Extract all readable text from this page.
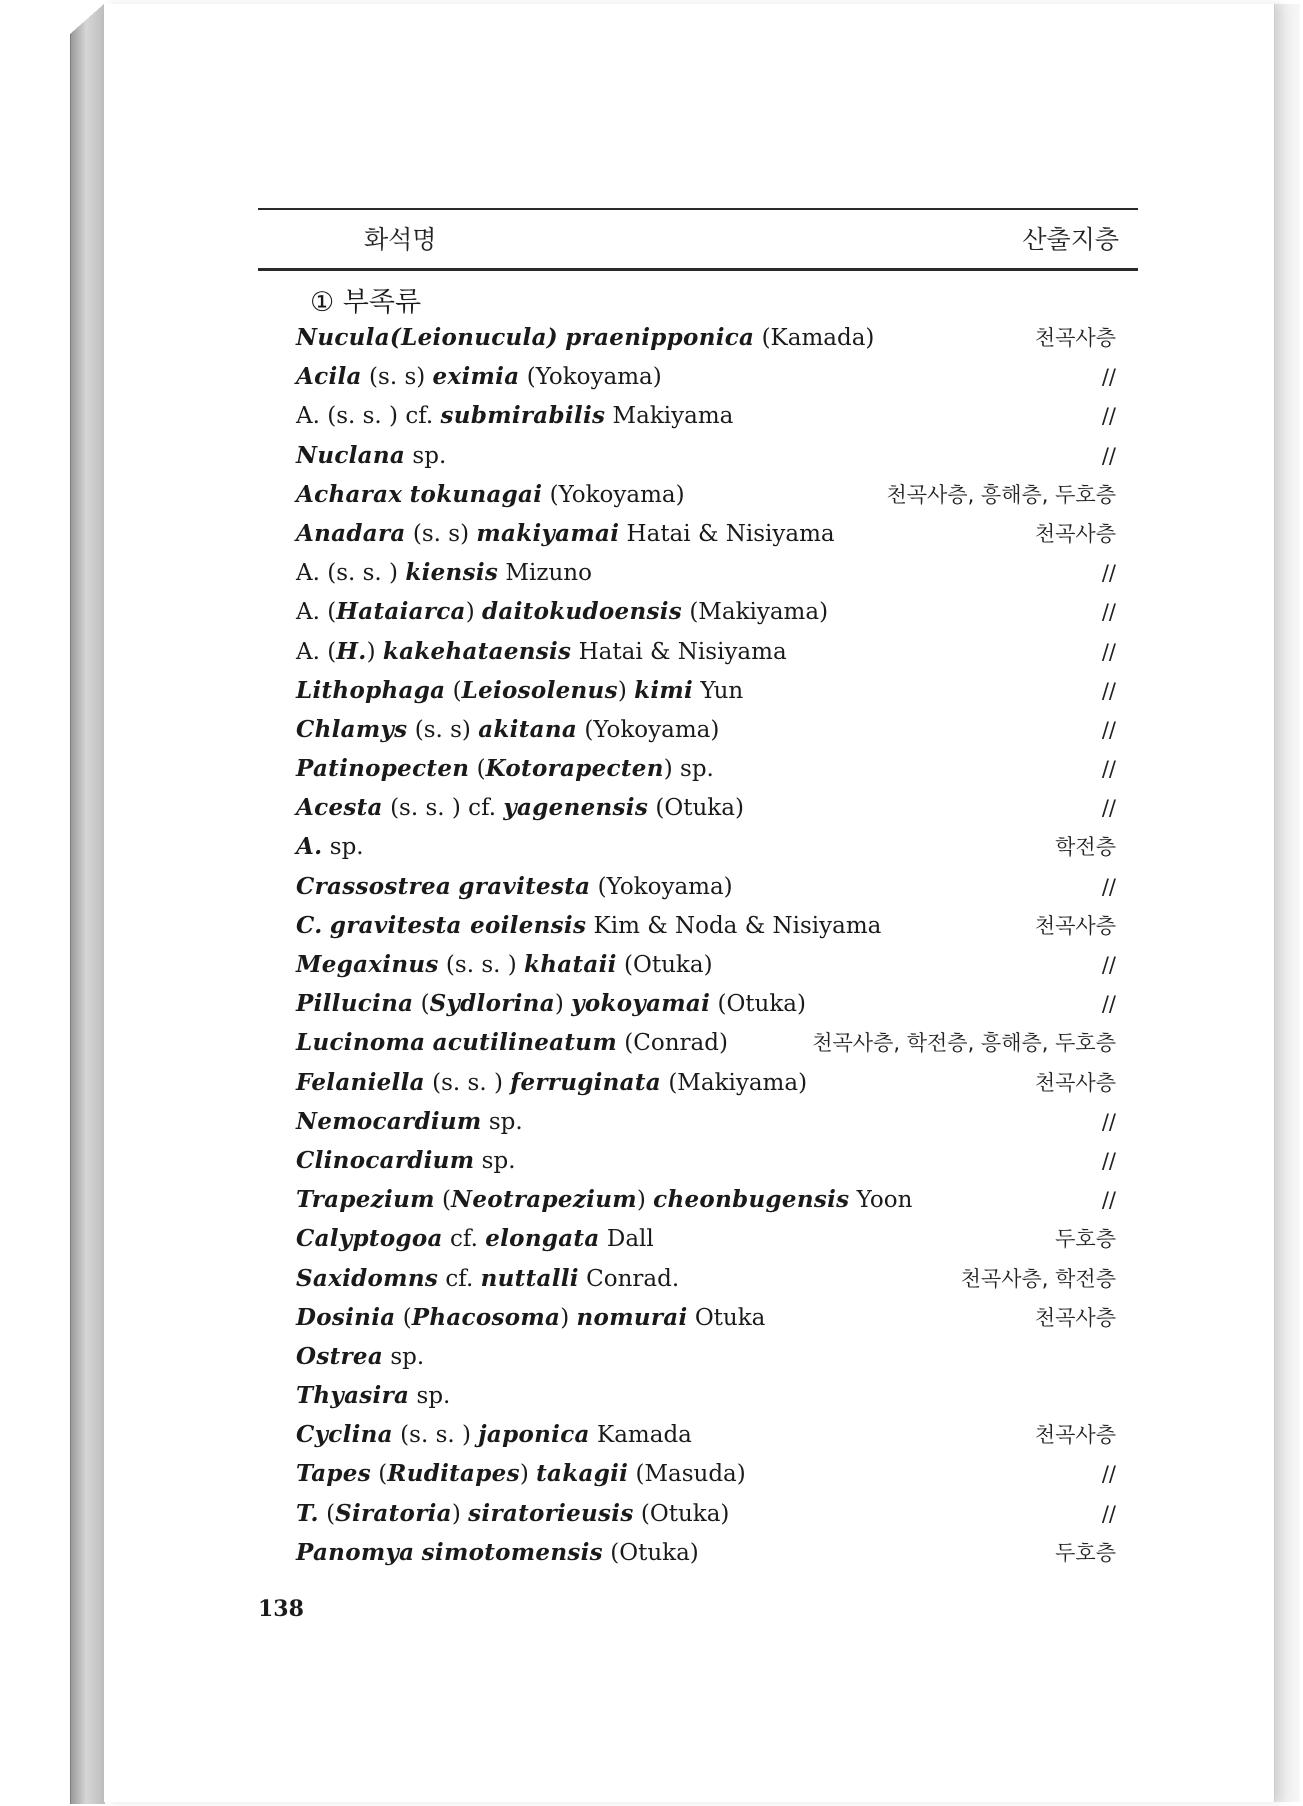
화석명	산출지층
① 부족류
Nucula(Leionucula) praenipponica (Kamada)	천곡사층
Acila (s. s) eximia (Yokoyama)	//
A. (s. s. ) cf. submirabilis Makiyama	//
Nuclana sp.	//
Acharax tokunagai (Yokoyama)	천곡사층, 흥해층, 두호층
Anadara (s. s) makiyamai Hatai & Nisiyama	천곡사층
A. (s. s. ) kiensis Mizuno	//
A. (Hataiarca) daitokudoensis (Makiyama)	//
A. (H.) kakehataensis Hatai & Nisiyama	//
Lithophaga (Leiosolenus) kimi Yun	//
Chlamys (s. s) akitana (Yokoyama)	//
Patinopecten (Kotorapecten) sp.	//
Acesta (s. s. ) cf. yagenensis (Otuka)	//
A. sp.	학전층
Crassostrea gravitesta (Yokoyama)	//
C. gravitesta eoilensis Kim & Noda & Nisiyama	천곡사층
Megaxinus (s. s. ) khataii (Otuka)	//
Pillucina (Sydlorina) yokoyamai (Otuka)	//
Lucinoma acutilineatum (Conrad)	천곡사층, 학전층, 흥해층, 두호층
Felaniella (s. s. ) ferruginata (Makiyama)	천곡사층
Nemocardium sp.	//
Clinocardium sp.	//
Trapezium (Neotrapezium) cheonbugensis Yoon	//
Calyptogoa cf. elongata Dall	두호층
Saxidomns cf. nuttalli Conrad.	천곡사층, 학전층
Dosinia (Phacosoma) nomurai Otuka	천곡사층
Ostrea sp.
Thyasira sp.
Cyclina (s. s. ) japonica Kamada	천곡사층
Tapes (Ruditapes) takagii (Masuda)	//
T. (Siratoria) siratorieusis (Otuka)	//
Panomya simotomensis (Otuka)	두호층
138
